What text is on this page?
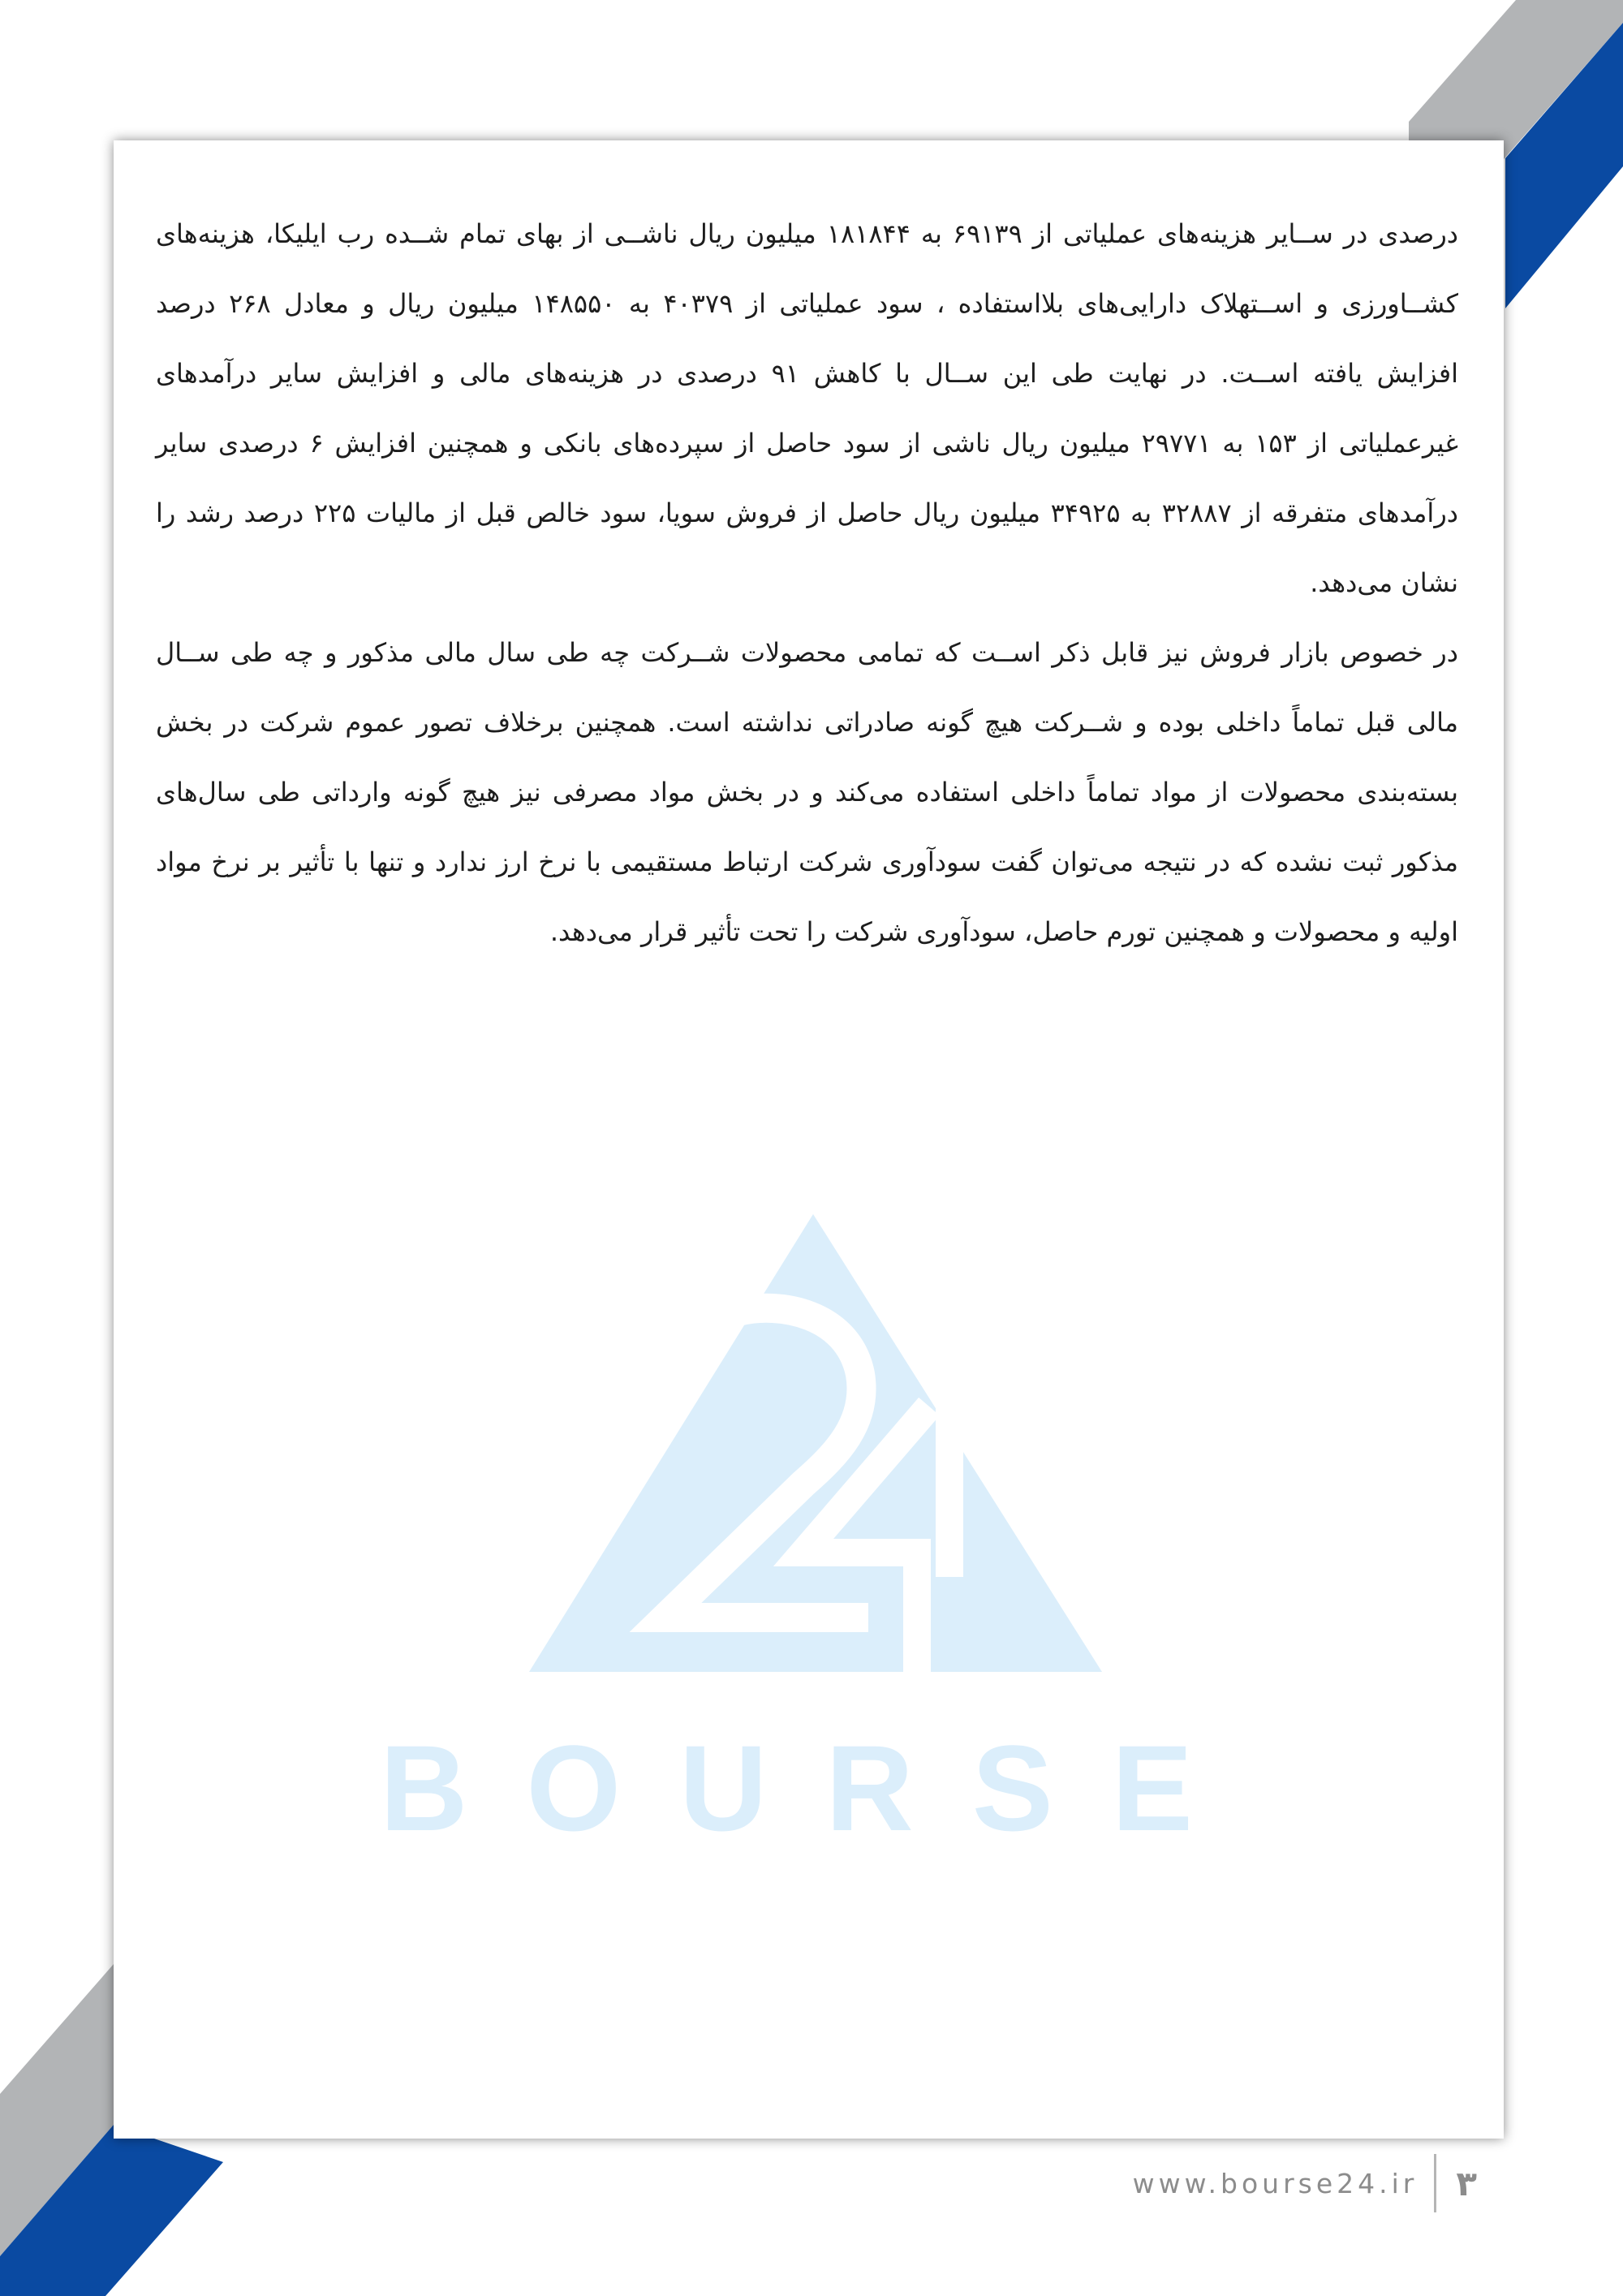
BOURSE

درصدی در ســایر هزینه‌های عملیاتی از ۶۹۱۳۹ به ۱۸۱۸۴۴ میلیون ریال ناشــی از بهای تمام شــده رب ایلیکا، هزینه‌های کشــاورزی و اســتهلاک دارایی‌های بلااستفاده ، سود عملیاتی از ۴۰۳۷۹ به ۱۴۸۵۵۰ میلیون ریال و معادل ۲۶۸ درصد افزایش یافته اســت. در نهایت طی این ســال با کاهش ۹۱ درصدی در هزینه‌های مالی و افزایش سایر درآمدهای غیرعملیاتی از ۱۵۳ به ۲۹۷۷۱ میلیون ریال ناشی از سود حاصل از سپرده‌های بانکی و همچنین افزایش ۶ درصدی سایر درآمدهای متفرقه از ۳۲۸۸۷ به ۳۴۹۲۵ میلیون ریال حاصل از فروش سویا، سود خالص قبل از مالیات ۲۲۵ درصد رشد را نشان می‌دهد.

در خصوص بازار فروش نیز قابل ذکر اســت که تمامی محصولات شــرکت چه طی سال مالی مذکور و چه طی ســال مالی قبل تماماً داخلی بوده و شــرکت هیچ گونه صادراتی نداشته است. همچنین برخلاف تصور عموم شرکت در بخش بسته‌بندی محصولات از مواد تماماً داخلی استفاده می‌کند و در بخش مواد مصرفی نیز هیچ گونه وارداتی طی سال‌های مذکور ثبت نشده که در نتیجه می‌توان گفت سودآوری شرکت ارتباط مستقیمی با نرخ ارز ندارد و تنها با تأثیر بر نرخ مواد اولیه و محصولات و همچنین تورم حاصل، سودآوری شرکت را تحت تأثیر قرار می‌دهد.

www.bourse24.ir ۳
